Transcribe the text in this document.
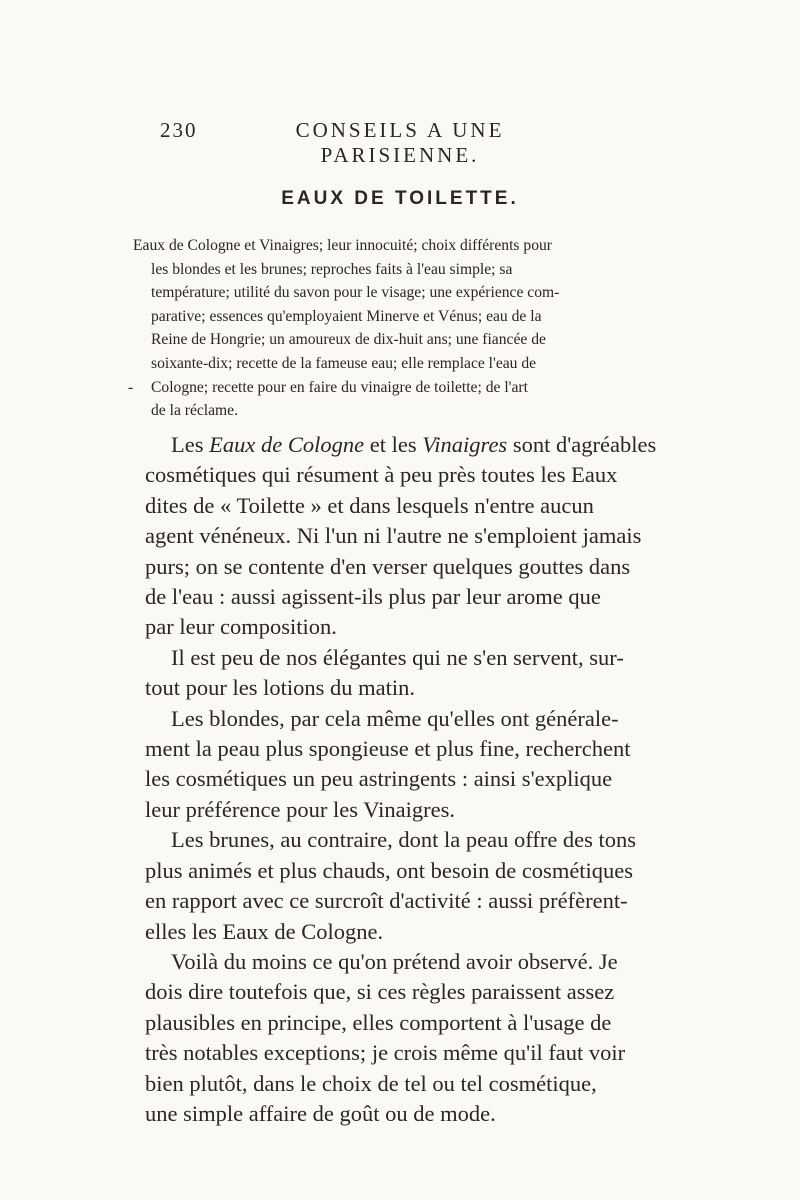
230	CONSEILS A UNE PARISIENNE.
EAUX DE TOILETTE.
Eaux de Cologne et Vinaigres; leur innocuité; choix différents pour
les blondes et les brunes; reproches faits à l'eau simple; sa
température; utilité du savon pour le visage; une expérience com-
parative; essences qu'employaient Minerve et Vénus; eau de la
Reine de Hongrie; un amoureux de dix-huit ans; une fiancée de
soixante-dix; recette de la fameuse eau; elle remplace l'eau de
- Cologne; recette pour en faire du vinaigre de toilette; de l'art
de la réclame.
Les Eaux de Cologne et les Vinaigres sont d'agréables
cosmétiques qui résument à peu près toutes les Eaux
dites de « Toilette » et dans lesquels n'entre aucun
agent vénéneux. Ni l'un ni l'autre ne s'emploient jamais
purs; on se contente d'en verser quelques gouttes dans
de l'eau : aussi agissent-ils plus par leur arome que
par leur composition.
Il est peu de nos élégantes qui ne s'en servent, sur-
tout pour les lotions du matin.
Les blondes, par cela même qu'elles ont générale-
ment la peau plus spongieuse et plus fine, recherchent
les cosmétiques un peu astringents : ainsi s'explique
leur préférence pour les Vinaigres.
Les brunes, au contraire, dont la peau offre des tons
plus animés et plus chauds, ont besoin de cosmétiques
en rapport avec ce surcroît d'activité : aussi préfèrent-
elles les Eaux de Cologne.
Voilà du moins ce qu'on prétend avoir observé. Je
dois dire toutefois que, si ces règles paraissent assez
plausibles en principe, elles comportent à l'usage de
très notables exceptions; je crois même qu'il faut voir
bien plutôt, dans le choix de tel ou tel cosmétique,
une simple affaire de goût ou de mode.
